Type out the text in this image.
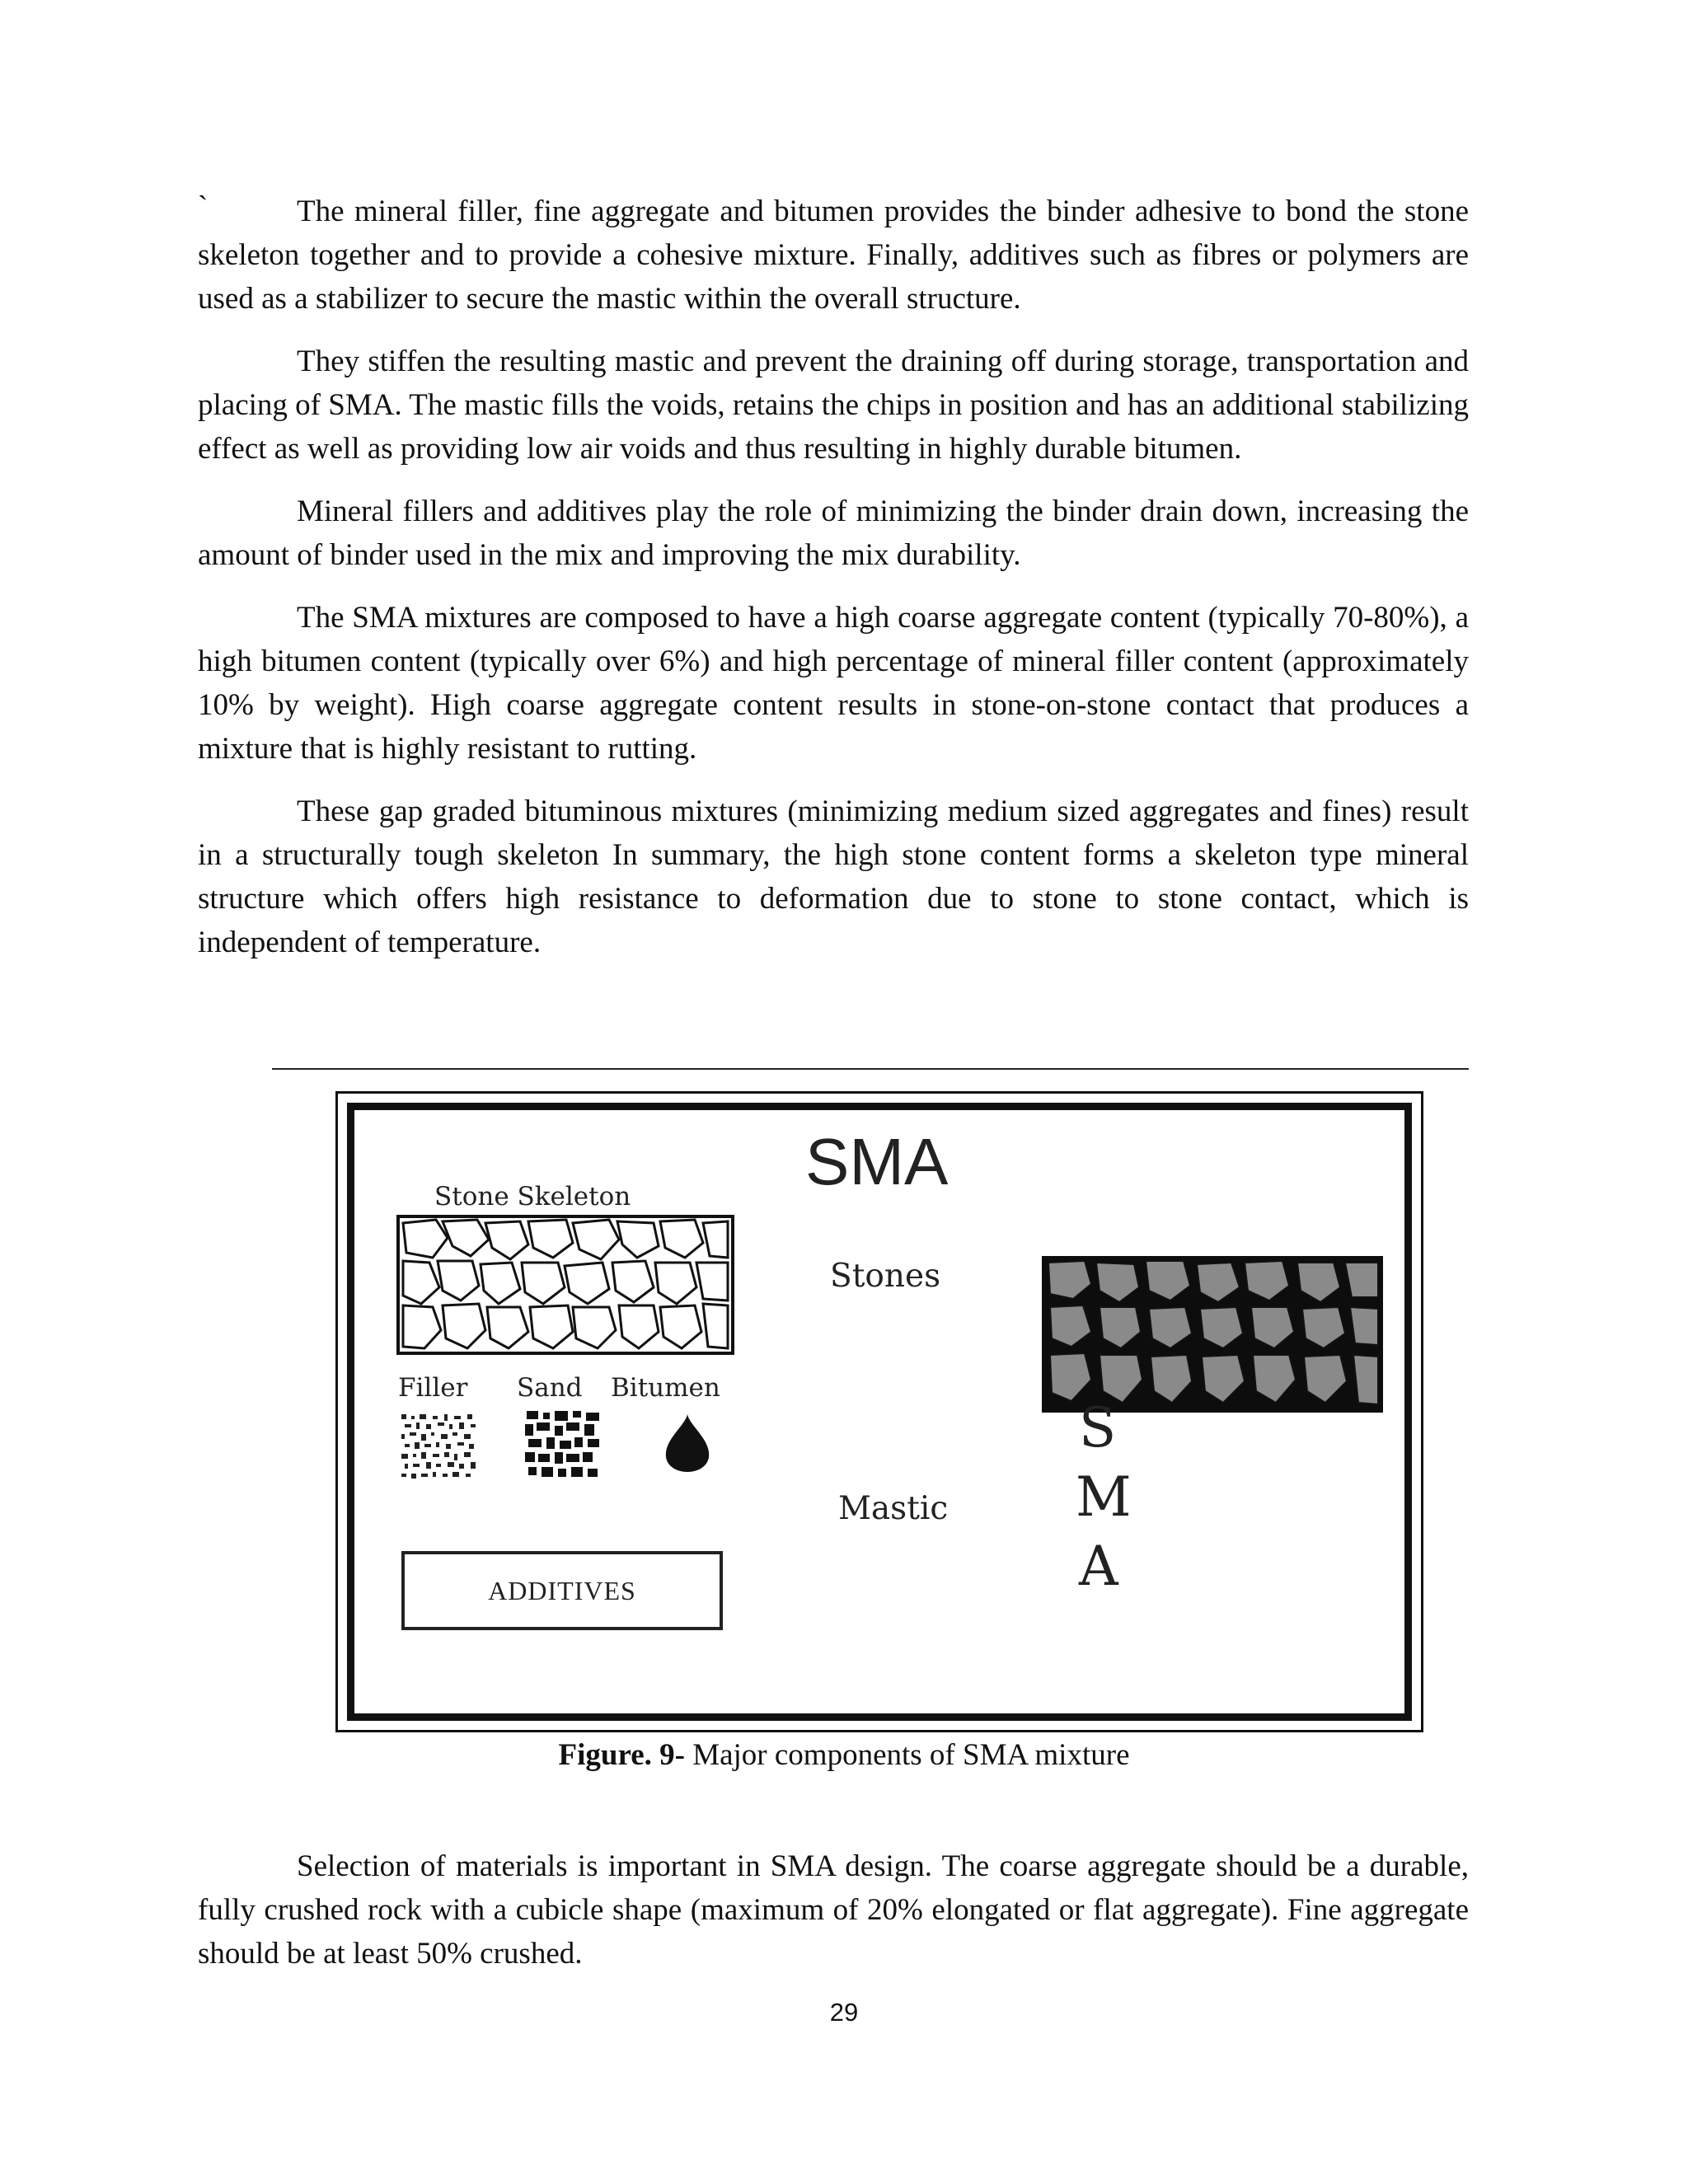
`	The mineral filler, fine aggregate and bitumen provides the binder adhesive to bond the stone skeleton together and to provide a cohesive mixture. Finally, additives such as fibres or polymers are used as a stabilizer to secure the mastic within the overall structure.

They stiffen the resulting mastic and prevent the draining off during storage, transportation and placing of SMA. The mastic fills the voids, retains the chips in position and has an additional stabilizing effect as well as providing low air voids and thus resulting in highly durable bitumen.

Mineral fillers and additives play the role of minimizing the binder drain down, increasing the amount of binder used in the mix and improving the mix durability.

The SMA mixtures are composed to have a high coarse aggregate content (typically 70-80%), a high bitumen content (typically over 6%) and high percentage of mineral filler content (approximately 10% by weight). High coarse aggregate content results in stone-on-stone contact that produces a mixture that is highly resistant to rutting.

These gap graded bituminous mixtures (minimizing medium sized aggregates and fines) result in a structurally tough skeleton In summary, the high stone content forms a skeleton type mineral structure which offers high resistance to deformation due to stone to stone contact, which is independent of temperature.

SMA
Stone Skeleton
Stones
Filler Sand Bitumen
S
M
A
Mastic
ADDITIVES
Figure. 9- Major components of SMA mixture

Selection of materials is important in SMA design. The coarse aggregate should be a durable, fully crushed rock with a cubicle shape (maximum of 20% elongated or flat aggregate). Fine aggregate should be at least 50% crushed.

29
